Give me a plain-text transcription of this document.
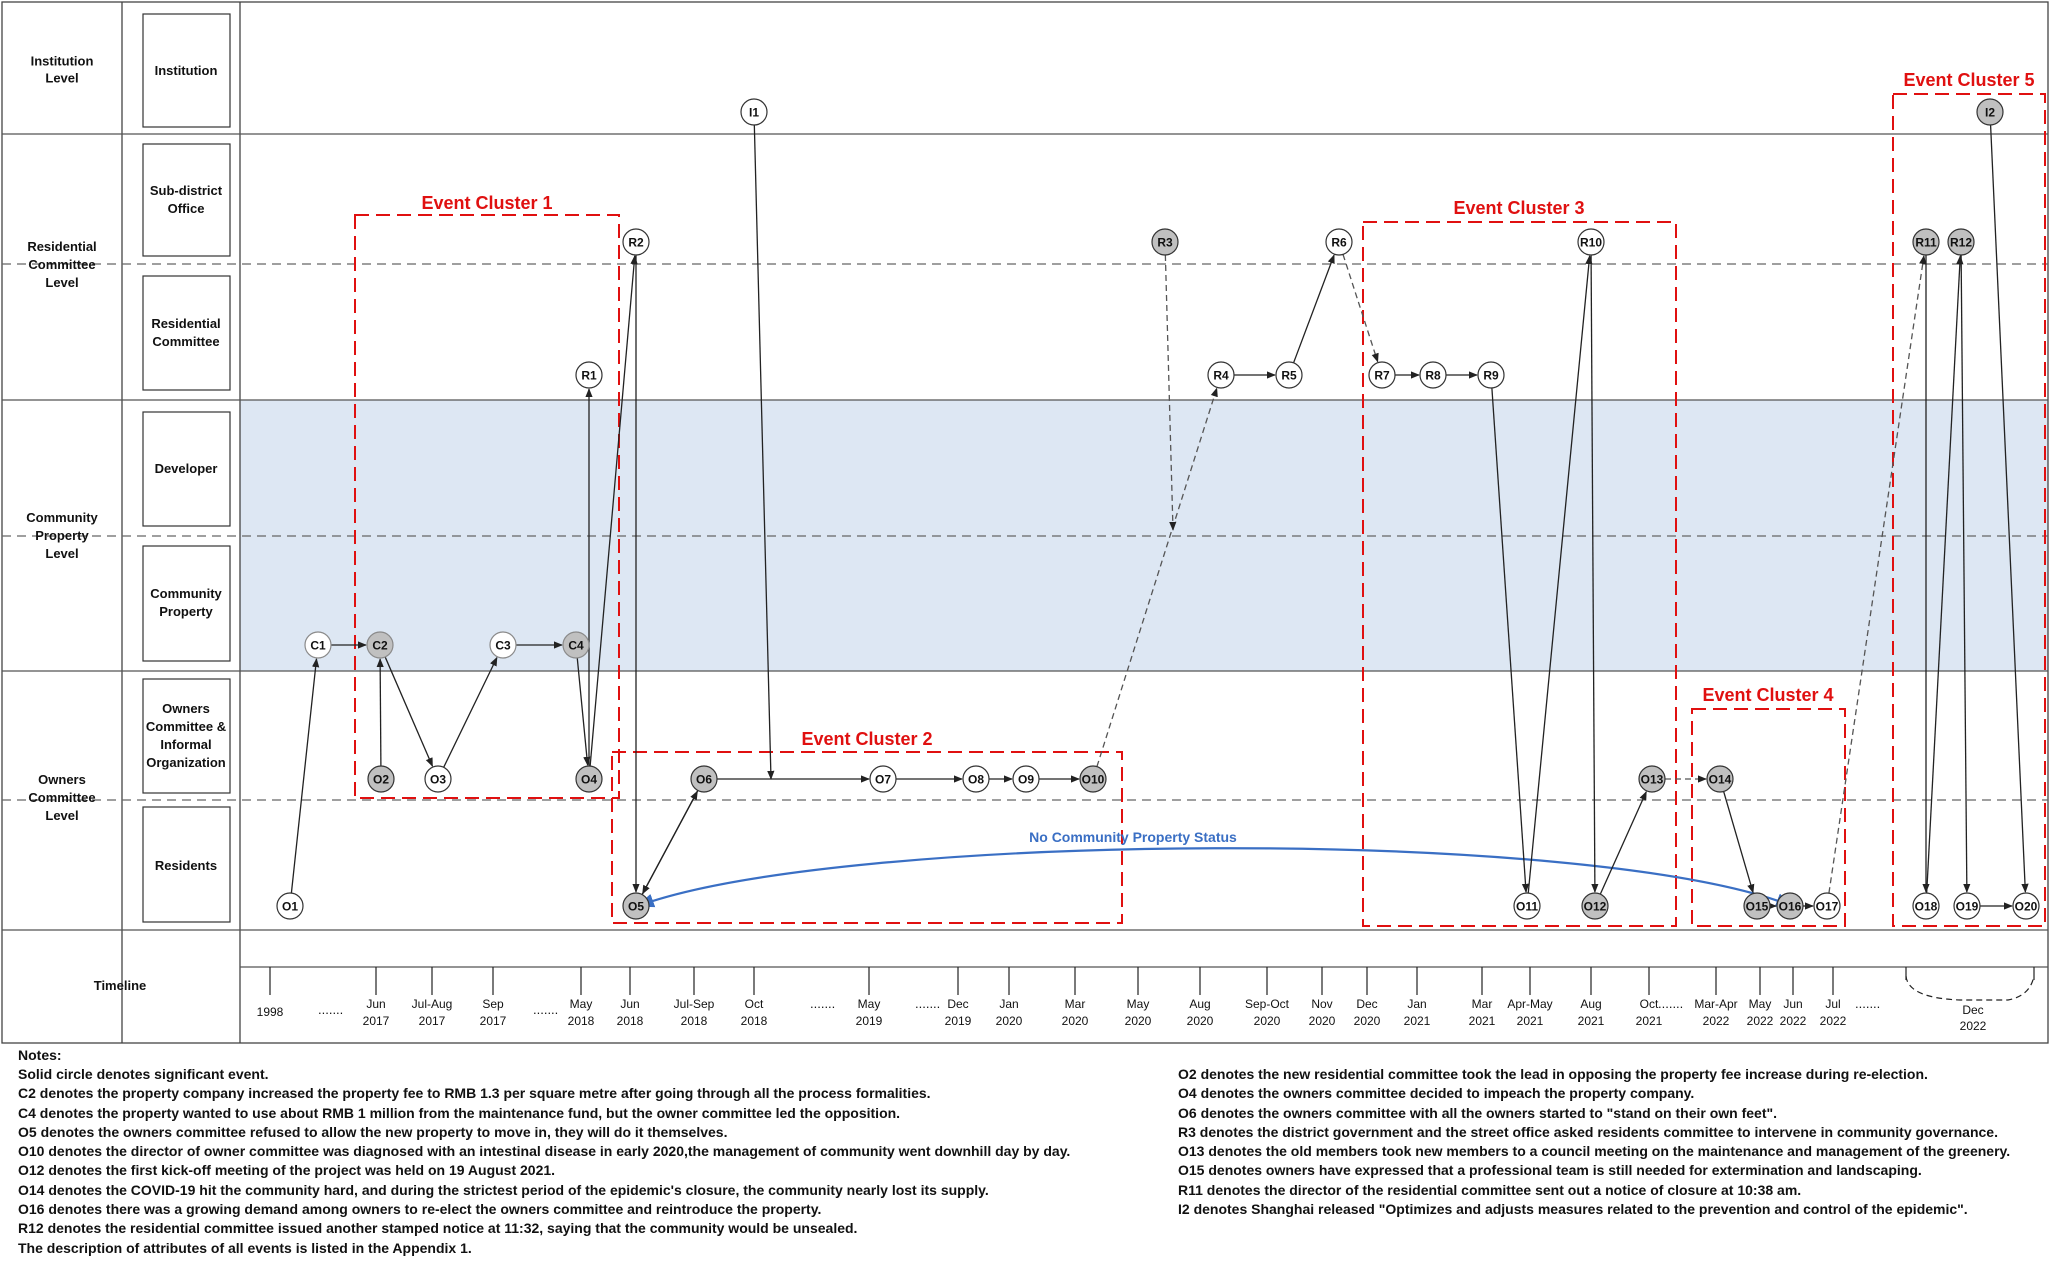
Institution Level
Residential Committee Level
Community Property Level
Owners Committee Level
Timeline
Institution
Sub-district Office
Residential Committee
Developer
Community Property
Owners Committee & Informal Organization
Residents
Event Cluster 1
Event Cluster 2
Event Cluster 3
Event Cluster 4
Event Cluster 5
No Community Property Status
I1	I2
R1
R2	R3
R4	R5
R6
R7	R8	R9
R10	R11 R12
C1	C2	C3	C4
O1
O2	O3	O4
O5
O6	O7	O8	O9	O10
O11	O12
O13	O14
O15 O16 O17	O18 O19	O20
1998
Jun
2017
Jul-Aug
2017
Sep
2017
May
2018
Jun
2018
Jul-Sep
2018
Oct
2018
May
2019
Dec
2019
Jan
2020
Mar
2020
May
2020
Aug
2020
Sep-Oct
2020
Nov
2020
Dec
2020
Jan
2021
Mar
2021
Apr-May
2021
Aug
2021
Oct
2021
Mar-Apr
2022
May
2022
Jun
2022
Jul
2022
Dec
2022
.......	.......	.......	.......	.......	.......
Notes:
Solid circle denotes significant event.
C2 denotes the property company increased the property fee to RMB 1.3 per square metre after going through all the process formalities.
C4 denotes the property wanted to use about RMB 1 million from the maintenance fund, but the owner committee led the opposition.
O5 denotes the owners committee refused to allow the new property to move in, they will do it themselves.
O10 denotes the director of owner committee was diagnosed with an intestinal disease in early 2020,the management of community went downhill day by day.
O12 denotes the first kick-off meeting of the project was held on 19 August 2021.
O14 denotes the COVID-19 hit the community hard, and during the strictest period of the epidemic's closure, the community nearly lost its supply.
O16 denotes there was a growing demand among owners to re-elect the owners committee and reintroduce the property.
R12 denotes the residential committee issued another stamped notice at 11:32, saying that the community would be unsealed.
The description of attributes of all events is listed in the Appendix 1.
O2 denotes the new residential committee took the lead in opposing the property fee increase during re-election.
O4 denotes the owners committee decided to impeach the property company.
O6 denotes the owners committee with all the owners started to "stand on their own feet".
R3 denotes the district government and the street office asked residents committee to intervene in community governance.
O13 denotes the old members took new members to a council meeting on the maintenance and management of the greenery.
O15 denotes owners have expressed that a professional team is still needed for extermination and landscaping.
R11 denotes the director of the residential committee sent out a notice of closure at 10:38 am.
I2 denotes Shanghai released "Optimizes and adjusts measures related to the prevention and control of the epidemic".
